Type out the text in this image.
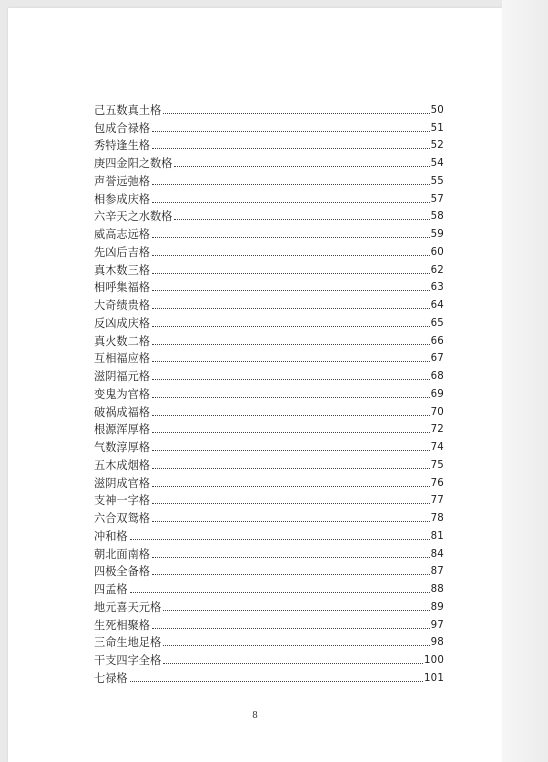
己五数真土格	50
包成合禄格	51
秀特逢生格	52
庚四金阳之数格	54
声誉远弛格	55
相参成庆格	57
六辛天之水数格	58
威高志远格	59
先凶后吉格	60
真木数三格	62
相呼集福格	63
大奇绩贵格	64
反凶成庆格	65
真火数二格	66
互相福应格	67
滋阴福元格	68
变鬼为官格	69
破祸成福格	70
根源浑厚格	72
气数淳厚格	74
五木成烟格	75
滋阴成官格	76
支神一字格	77
六合双鸳格	78
冲和格	81
朝北面南格	84
四极全备格	87
四孟格	88
地元喜天元格	89
生死相聚格	97
三命生地足格	98
干支四字全格	100
七禄格	101
8
